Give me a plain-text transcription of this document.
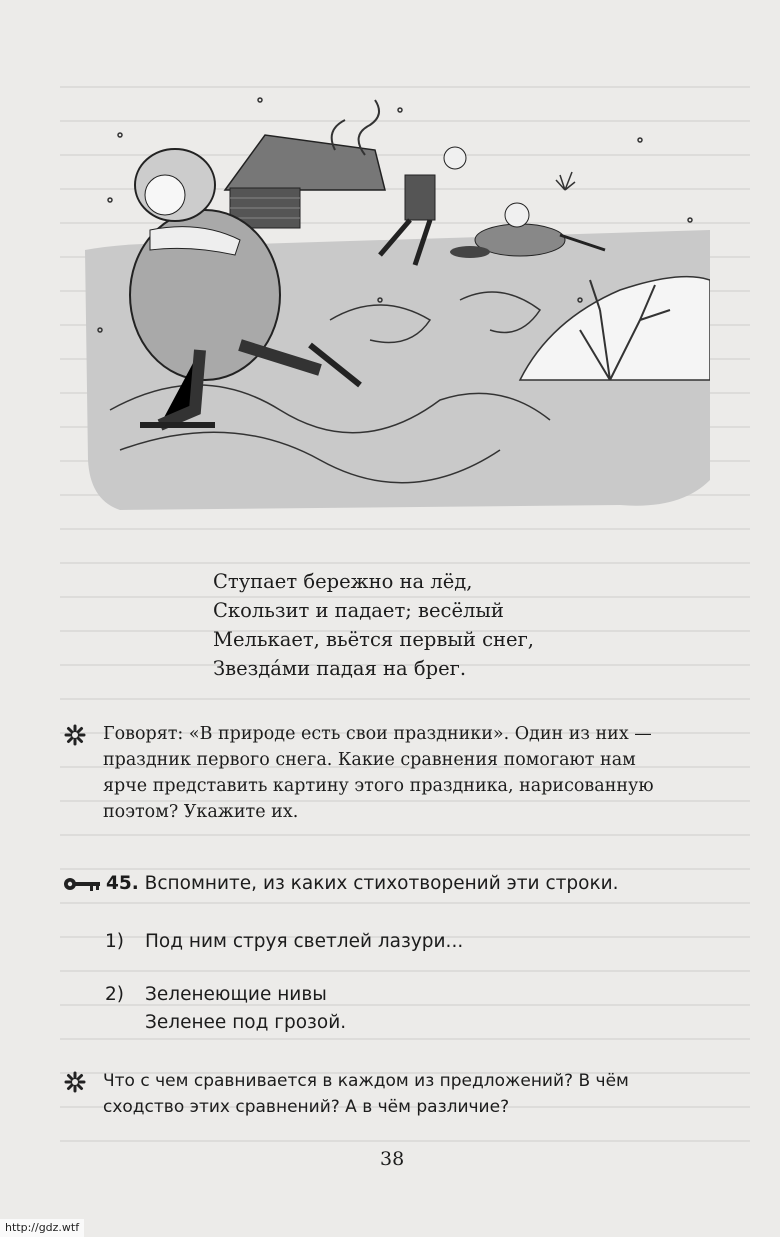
Ступает бережно на лёд,
Скользит и падает; весёлый
Мелькает, вьётся первый снег,
Звездáми падая на брег.
Говорят: «В природе есть свои праздники». Один из них —
праздник первого снега. Какие сравнения помогают нам
ярче представить картину этого праздника, нарисованную
поэтом? Укажите их.
45. Вспомните, из каких стихотворений эти строки.
1) Под ним струя светлей лазури...
2) Зеленеющие нивы
Зеленее под грозой.
Что с чем сравнивается в каждом из предложений? В чём
сходство этих сравнений? А в чём различие?
38
http://gdz.wtf
